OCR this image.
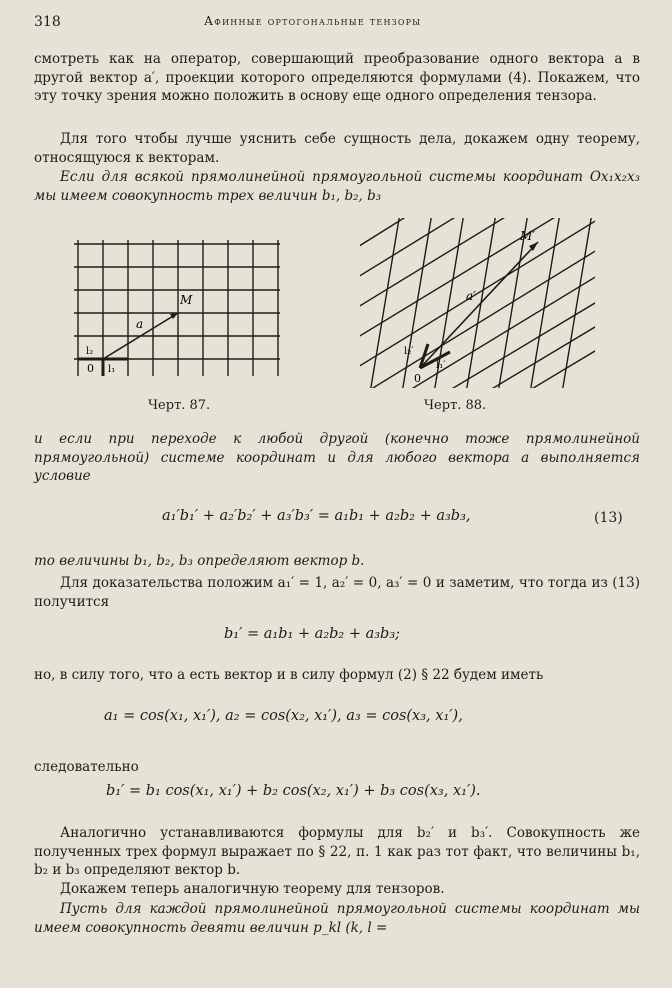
318	Афинные ортогональные тензоры
смотреть как на оператор, совершающий преобразование одного вектора a в другой вектор a′, проекции которого определяются формулами (4). Покажем, что эту точку зрения можно положить в основу еще одного определения тензора.
Для того чтобы лучше уяснить себе сущность дела, докажем одну теорему, относящуюся к векторам.
Если для всякой прямолинейной прямоугольной системы координат Ox₁x₂x₃ мы имеем совокупность трех величин b₁, b₂, b₃
M
a
l₂
0 l₁
Черт. 87.
M′
a′
l₂′
0
l₁′
Черт. 88.
и если при переходе к любой другой (конечно тоже прямолинейной прямоугольной) системе координат и для любого вектора a выполняется условие
a₁′b₁′ + a₂′b₂′ + a₃′b₃′ = a₁b₁ + a₂b₂ + a₃b₃,	(13)
то величины b₁, b₂, b₃ определяют вектор b.
Для доказательства положим a₁′ = 1, a₂′ = 0, a₃′ = 0 и заметим, что тогда из (13) получится
b₁′ = a₁b₁ + a₂b₂ + a₃b₃;
но, в силу того, что a есть вектор и в силу формул (2) § 22 будем иметь
a₁ = cos(x₁, x₁′), a₂ = cos(x₂, x₁′), a₃ = cos(x₃, x₁′),
следовательно
b₁′ = b₁ cos(x₁, x₁′) + b₂ cos(x₂, x₁′) + b₃ cos(x₃, x₁′).
Аналогично устанавливаются формулы для b₂′ и b₃′. Совокупность же полученных трех формул выражает по § 22, п. 1 как раз тот факт, что величины b₁, b₂ и b₃ определяют вектор b.
Докажем теперь аналогичную теорему для тензоров.
Пусть для каждой прямолинейной прямоугольной системы координат мы имеем совокупность девяти величин p_kl (k, l =
